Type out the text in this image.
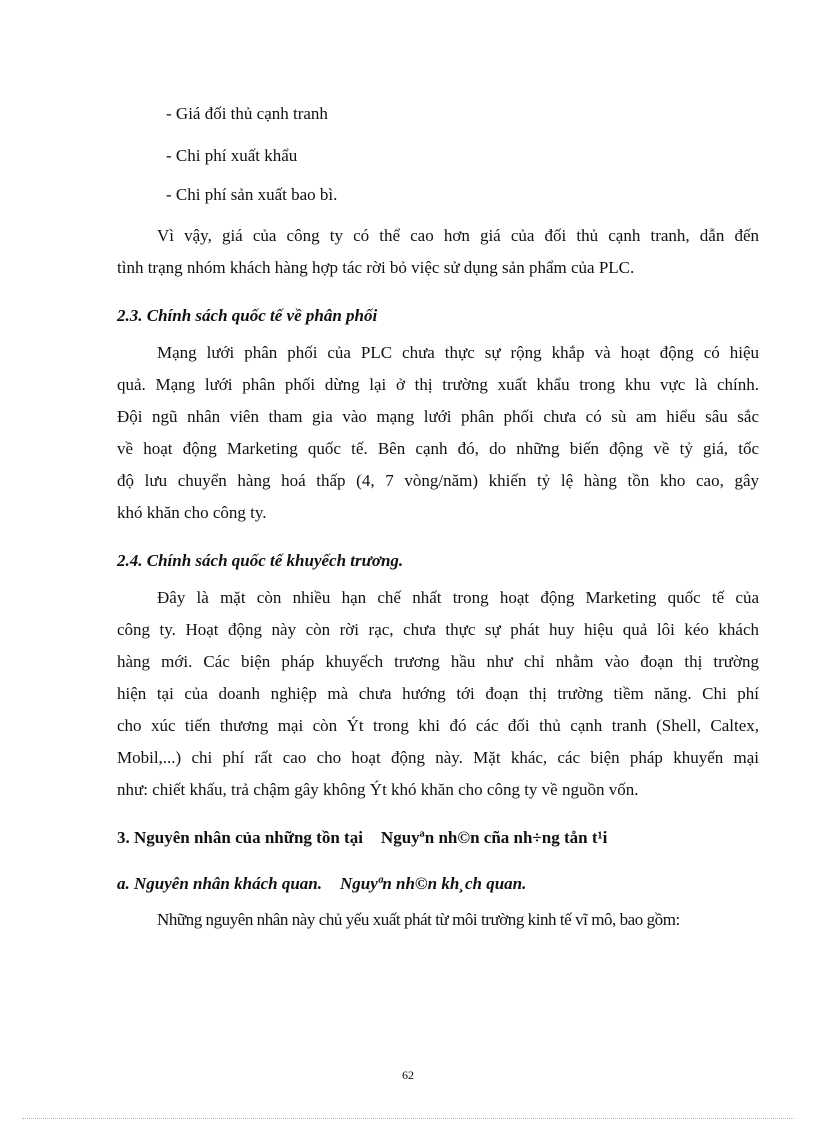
- Giá đối thủ cạnh tranh
- Chi phí xuất khẩu
- Chi phí sản xuất bao bì.
Vì vậy, giá của công ty có thể cao hơn giá của đối thủ cạnh tranh, dẫn đến
tình trạng nhóm khách hàng hợp tác rời bỏ việc sử dụng sản phẩm của PLC.
2.3. Chính sách quốc tế về phân phối
Mạng lưới phân phối của PLC chưa thực sự rộng khắp và hoạt động có hiệu
quả. Mạng lưới phân phối dừng lại ở thị trường xuất khẩu trong khu vực là chính.
Đội ngũ nhân viên tham gia vào mạng lưới phân phối chưa có sù am hiểu sâu sắc
về hoạt động Marketing quốc tế. Bên cạnh đó, do những biến động về tỷ giá, tốc
độ lưu chuyển hàng hoá thấp (4, 7 vòng/năm) khiến tỷ lệ hàng tồn kho cao, gây
khó khăn cho công ty.
2.4. Chính sách quốc tế khuyếch trương.
Đây là mặt còn nhiều hạn chế nhất trong hoạt động Marketing quốc tế của
công ty. Hoạt động này còn rời rạc, chưa thực sự phát huy hiệu quả lôi kéo khách
hàng mới. Các biện pháp khuyếch trương hầu như chỉ nhằm vào đoạn thị trường
hiện tại của doanh nghiệp mà chưa hướng tới đoạn thị trường tiềm năng. Chi phí
cho xúc tiến thương mại còn Ýt trong khi đó các đối thủ cạnh tranh (Shell, Caltex,
Mobil,...) chi phí rất cao cho hoạt động này. Mặt khác, các biện pháp khuyến mại
như: chiết khấu, trả chậm gây không Ýt khó khăn cho công ty về nguồn vốn.
3. Nguyên nhân của những tồn tại Nguyªn nh©n cña nh÷ng tån t¹i
a. Nguyên nhân khách quan. Nguyªn nh©n kh¸ch quan.
Những nguyên nhân này chủ yếu xuất phát từ môi trường kinh tế vĩ mô, bao gồm:
62
